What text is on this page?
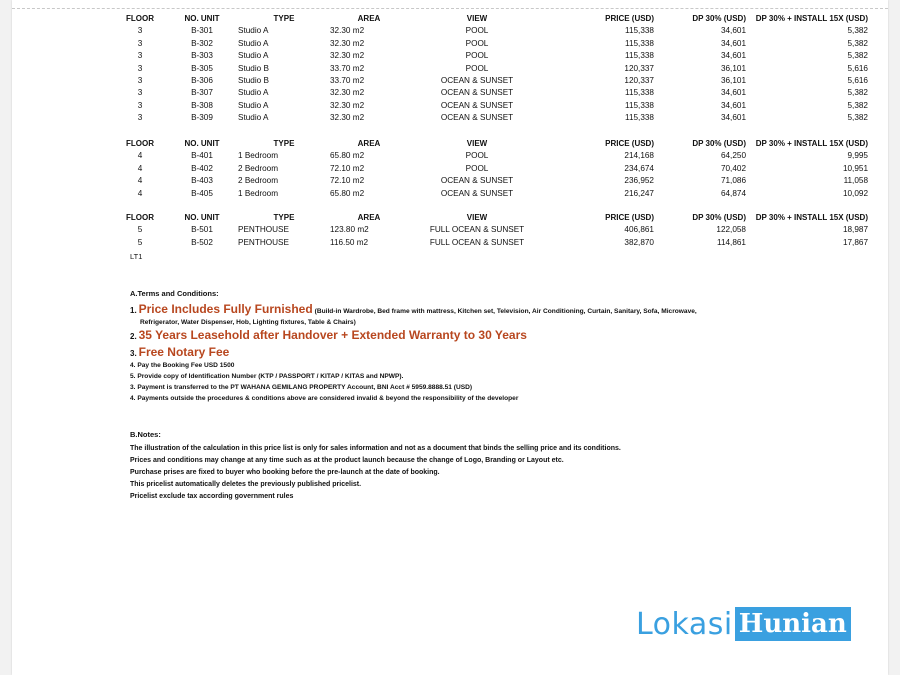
FLOOR	NO. UNIT	TYPE	AREA	VIEW	PRICE (USD)	DP 30% (USD)	DP 30% + INSTALL 15X (USD)
3	B-301	Studio A	32.30 m2	POOL	115,338	34,601	5,382
3	B-302	Studio A	32.30 m2	POOL	115,338	34,601	5,382
3	B-303	Studio A	32.30 m2	POOL	115,338	34,601	5,382
3	B-305	Studio B	33.70 m2	POOL	120,337	36,101	5,616
3	B-306	Studio B	33.70 m2	OCEAN & SUNSET	120,337	36,101	5,616
3	B-307	Studio A	32.30 m2	OCEAN & SUNSET	115,338	34,601	5,382
3	B-308	Studio A	32.30 m2	OCEAN & SUNSET	115,338	34,601	5,382
3	B-309	Studio A	32.30 m2	OCEAN & SUNSET	115,338	34,601	5,382
FLOOR	NO. UNIT	TYPE	AREA	VIEW	PRICE (USD)	DP 30% (USD)	DP 30% + INSTALL 15X (USD)
4	B-401	1 Bedroom	65.80 m2	POOL	214,168	64,250	9,995
4	B-402	2 Bedroom	72.10 m2	POOL	234,674	70,402	10,951
4	B-403	2 Bedroom	72.10 m2	OCEAN & SUNSET	236,952	71,086	11,058
4	B-405	1 Bedroom	65.80 m2	OCEAN & SUNSET	216,247	64,874	10,092
FLOOR	NO. UNIT	TYPE	AREA	VIEW	PRICE (USD)	DP 30% (USD)	DP 30% + INSTALL 15X (USD)
5	B-501	PENTHOUSE	123.80 m2	FULL OCEAN & SUNSET	406,861	122,058	18,987
5	B-502	PENTHOUSE	116.50 m2	FULL OCEAN & SUNSET	382,870	114,861	17,867
LT1
A.Terms and Conditions:
1. Price Includes Fully Furnished (Build-in Wardrobe, Bed frame with mattress, Kitchen set, Television, Air Conditioning, Curtain, Sanitary, Sofa, Microwave,
Refrigerator, Water Dispenser, Hob, Lighting fixtures, Table & Chairs)
2. 35 Years Leasehold after Handover + Extended Warranty to 30 Years
3. Free Notary Fee
4. Pay the Booking Fee USD 1500
5. Provide copy of Identification Number (KTP / PASSPORT / KITAP / KITAS and NPWP).
3. Payment is transferred to the PT WAHANA GEMILANG PROPERTY Account, BNI Acct # 5959.8888.51 (USD)
4. Payments outside the procedures & conditions above are considered invalid & beyond the responsibility of the developer
B.Notes:
The illustration of the calculation in this price list is only for sales information and not as a document that binds the selling price and its conditions.
Prices and conditions may change at any time such as at the product launch because the change of Logo, Branding or Layout etc.
Purchase prises are fixed to buyer who booking before the pre-launch at the date of booking.
This pricelist automatically deletes the previously published pricelist.
Pricelist exclude tax according government rules
Lokasi Hunian
